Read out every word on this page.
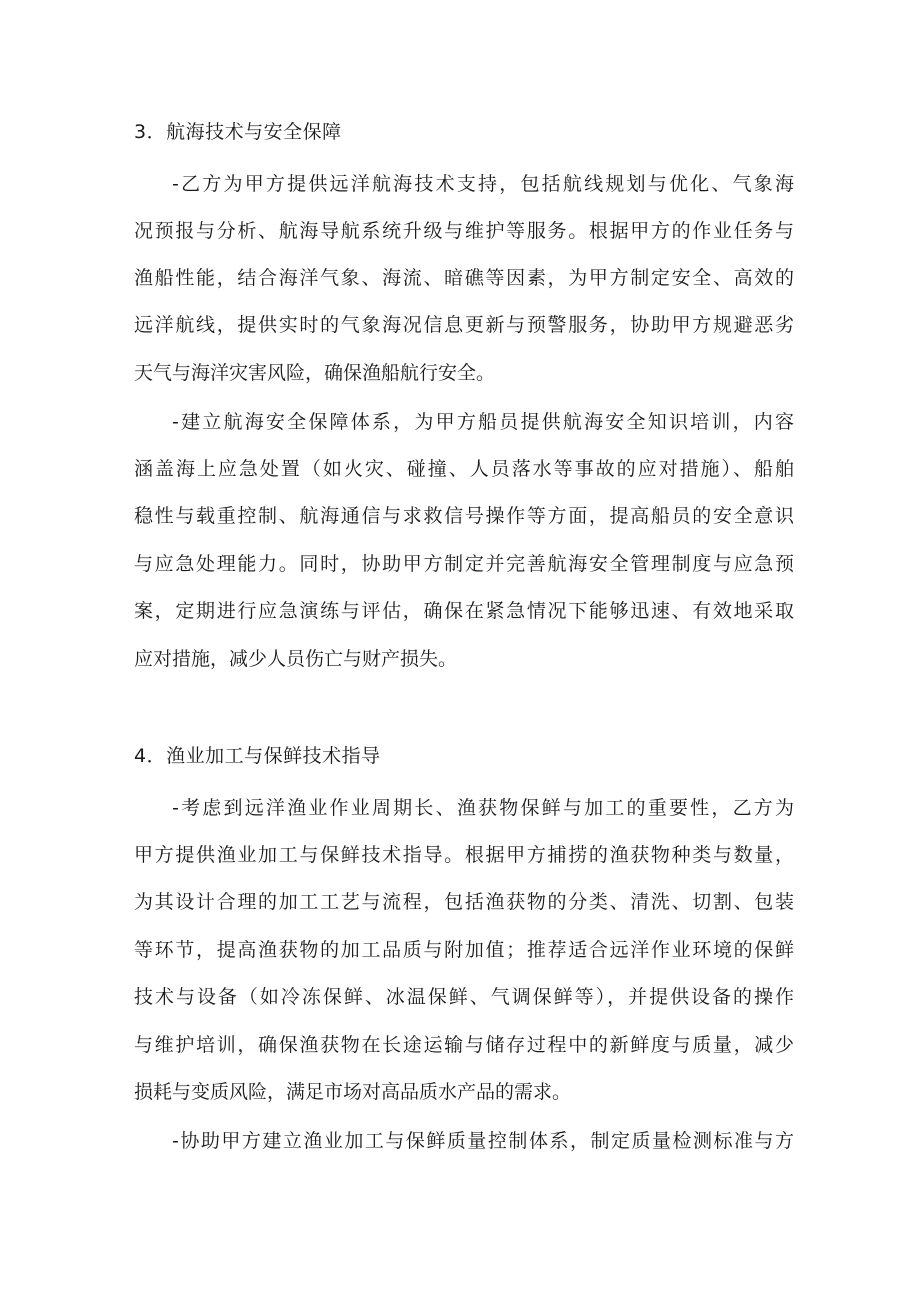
3．航海技术与安全保障
-乙方为甲方提供远洋航海技术支持，包括航线规划与优化、气象海
况预报与分析、航海导航系统升级与维护等服务。根据甲方的作业任务与
渔船性能，结合海洋气象、海流、暗礁等因素，为甲方制定安全、高效的
远洋航线，提供实时的气象海况信息更新与预警服务，协助甲方规避恶劣
天气与海洋灾害风险，确保渔船航行安全。
-建立航海安全保障体系，为甲方船员提供航海安全知识培训，内容
涵盖海上应急处置（如火灾、碰撞、人员落水等事故的应对措施）、船舶
稳性与载重控制、航海通信与求救信号操作等方面，提高船员的安全意识
与应急处理能力。同时，协助甲方制定并完善航海安全管理制度与应急预
案，定期进行应急演练与评估，确保在紧急情况下能够迅速、有效地采取
应对措施，减少人员伤亡与财产损失。
4．渔业加工与保鲜技术指导
-考虑到远洋渔业作业周期长、渔获物保鲜与加工的重要性，乙方为
甲方提供渔业加工与保鲜技术指导。根据甲方捕捞的渔获物种类与数量，
为其设计合理的加工工艺与流程，包括渔获物的分类、清洗、切割、包装
等环节，提高渔获物的加工品质与附加值；推荐适合远洋作业环境的保鲜
技术与设备（如冷冻保鲜、冰温保鲜、气调保鲜等），并提供设备的操作
与维护培训，确保渔获物在长途运输与储存过程中的新鲜度与质量，减少
损耗与变质风险，满足市场对高品质水产品的需求。
-协助甲方建立渔业加工与保鲜质量控制体系，制定质量检测标准与方
